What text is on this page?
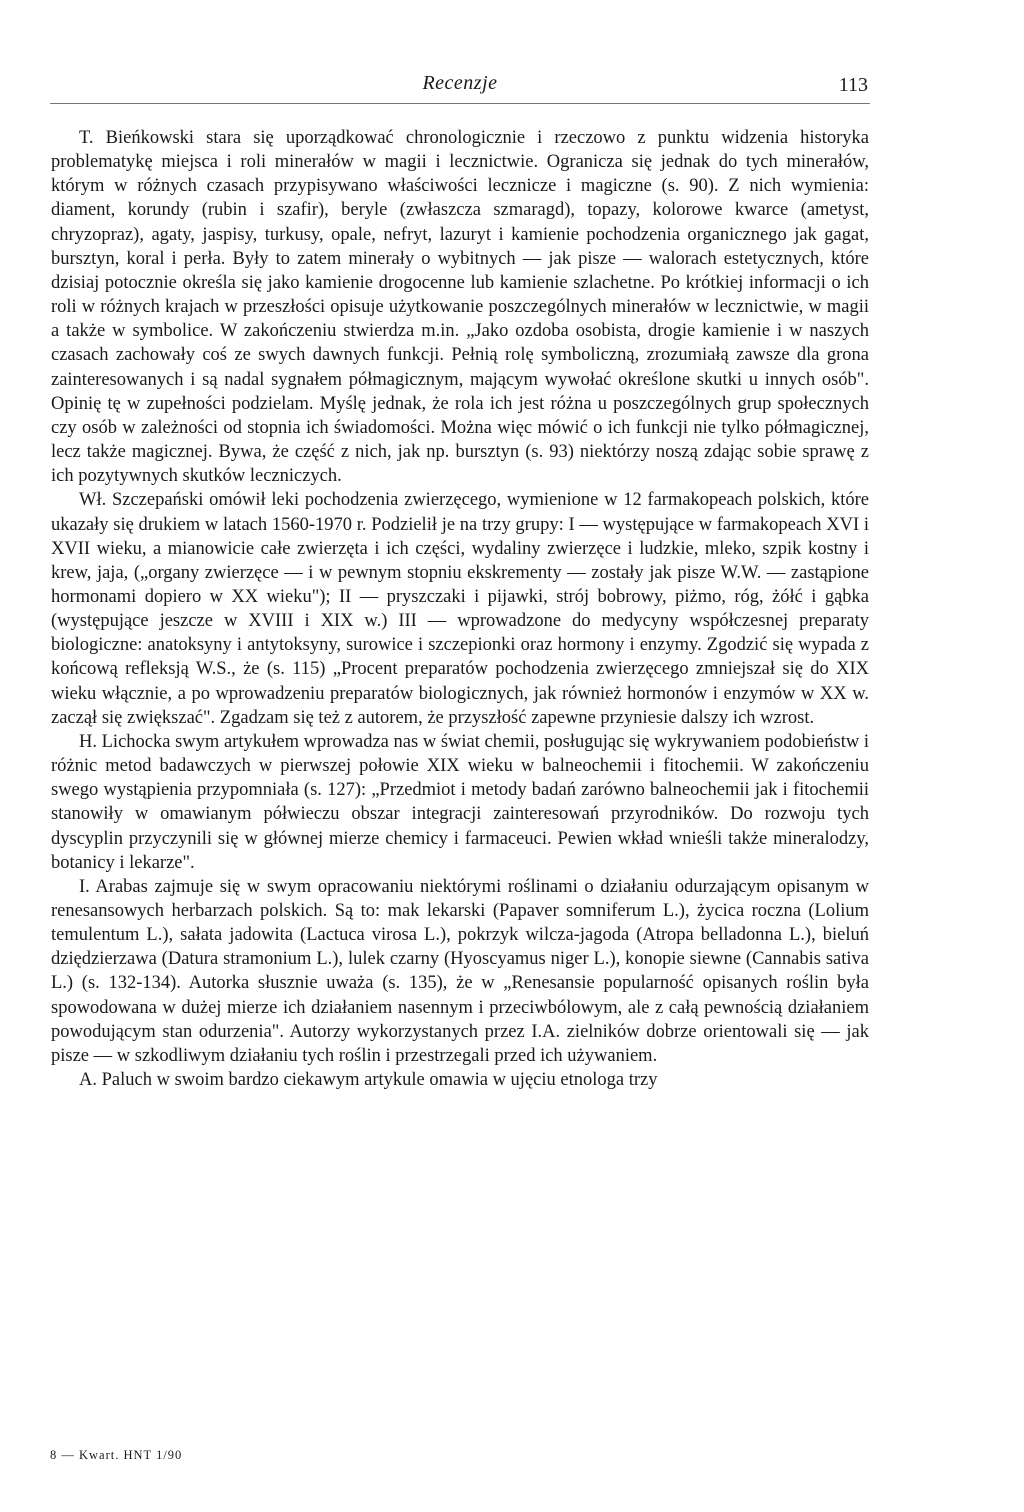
Recenzje	113

T. Bieńkowski stara się uporządkować chronologicznie i rzeczowo z punktu widzenia historyka problematykę miejsca i roli minerałów w magii i lecznictwie. Ogranicza się jednak do tych minerałów, którym w różnych czasach przypisywano właściwości lecznicze i magiczne (s. 90). Z nich wymienia: diament, korundy (rubin i szafir), beryle (zwłaszcza szmaragd), topazy, kolorowe kwarce (ametyst, chryzopraz), agaty, jaspisy, turkusy, opale, nefryt, lazuryt i kamienie pochodzenia organicznego jak gagat, bursztyn, koral i perła. Były to zatem minerały o wybitnych — jak pisze — walorach estetycznych, które dzisiaj potocznie określa się jako kamienie drogocenne lub kamienie szlachetne. Po krótkiej informacji o ich roli w różnych krajach w przeszłości opisuje użytkowanie poszczególnych minerałów w lecznictwie, w magii a także w symbolice. W zakończeniu stwierdza m.in. „Jako ozdoba osobista, drogie kamienie i w naszych czasach zachowały coś ze swych dawnych funkcji. Pełnią rolę symboliczną, zrozumiałą zawsze dla grona zainteresowanych i są nadal sygnałem półmagicznym, mającym wywołać określone skutki u innych osób". Opinię tę w zupełności podzielam. Myślę jednak, że rola ich jest różna u poszczególnych grup społecznych czy osób w zależności od stopnia ich świadomości. Można więc mówić o ich funkcji nie tylko półmagicznej, lecz także magicznej. Bywa, że część z nich, jak np. bursztyn (s. 93) niektórzy noszą zdając sobie sprawę z ich pozytywnych skutków leczniczych.

Wł. Szczepański omówił leki pochodzenia zwierzęcego, wymienione w 12 farmakopeach polskich, które ukazały się drukiem w latach 1560-1970 r. Podzielił je na trzy grupy: I — występujące w farmakopeach XVI i XVII wieku, a mianowicie całe zwierzęta i ich części, wydaliny zwierzęce i ludzkie, mleko, szpik kostny i krew, jaja, („organy zwierzęce — i w pewnym stopniu ekskrementy — zostały jak pisze W.W. — zastąpione hormonami dopiero w XX wieku"); II — pryszczaki i pijawki, strój bobrowy, piżmo, róg, żółć i gąbka (występujące jeszcze w XVIII i XIX w.) III — wprowadzone do medycyny współczesnej preparaty biologiczne: anatoksyny i antytoksyny, surowice i szczepionki oraz hormony i enzymy. Zgodzić się wypada z końcową refleksją W.S., że (s. 115) „Procent preparatów pochodzenia zwierzęcego zmniejszał się do XIX wieku włącznie, a po wprowadzeniu preparatów biologicznych, jak również hormonów i enzymów w XX w. zaczął się zwiększać". Zgadzam się też z autorem, że przyszłość zapewne przyniesie dalszy ich wzrost.

H. Lichocka swym artykułem wprowadza nas w świat chemii, posługując się wykrywaniem podobieństw i różnic metod badawczych w pierwszej połowie XIX wieku w balneochemii i fitochemii. W zakończeniu swego wystąpienia przypomniała (s. 127): „Przedmiot i metody badań zarówno balneochemii jak i fitochemii stanowiły w omawianym półwieczu obszar integracji zainteresowań przyrodników. Do rozwoju tych dyscyplin przyczynili się w głównej mierze chemicy i farmaceuci. Pewien wkład wnieśli także mineralodzy, botanicy i lekarze".

I. Arabas zajmuje się w swym opracowaniu niektórymi roślinami o działaniu odurzającym opisanym w renesansowych herbarzach polskich. Są to: mak lekarski (Papaver somniferum L.), życica roczna (Lolium temulentum L.), sałata jadowita (Lactuca virosa L.), pokrzyk wilcza-jagoda (Atropa belladonna L.), bieluń dziędzierzawa (Datura stramonium L.), lulek czarny (Hyoscyamus niger L.), konopie siewne (Cannabis sativa L.) (s. 132-134). Autorka słusznie uważa (s. 135), że w „Renesansie popularność opisanych roślin była spowodowana w dużej mierze ich działaniem nasennym i przeciwbólowym, ale z całą pewnością działaniem powodującym stan odurzenia". Autorzy wykorzystanych przez I.A. zielników dobrze orientowali się — jak pisze — w szkodliwym działaniu tych roślin i przestrzegali przed ich używaniem.

A. Paluch w swoim bardzo ciekawym artykule omawia w ujęciu etnologa trzy

8 — Kwart. HNT 1/90
